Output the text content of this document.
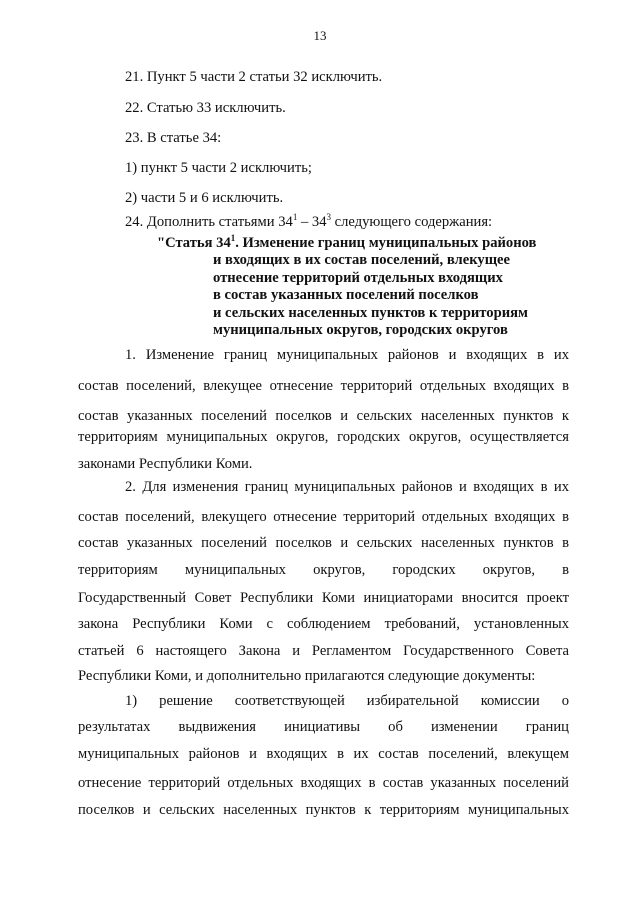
13
21. Пункт 5 части 2 статьи 32 исключить.
22. Статью 33 исключить.
23. В статье 34:
1) пункт 5 части 2 исключить;
2) части 5 и 6 исключить.
24. Дополнить статьями $34^1 - 34^3$ следующего содержания:
"Статья $34^1$. Изменение границ муниципальных районов
и входящих в их состав поселений, влекущее
отнесение территорий отдельных входящих
в состав указанных поселений поселков
и сельских населенных пунктов к территориям
муниципальных округов, городских округов
1. Изменение границ муниципальных районов и входящих в их
состав поселений, влекущее отнесение территорий отдельных входящих в
состав указанных поселений поселков и сельских населенных пунктов к
территориям муниципальных округов, городских округов, осуществляется
законами Республики Коми.
2. Для изменения границ муниципальных районов и входящих в их
состав поселений, влекущего отнесение территорий отдельных входящих в
состав указанных поселений поселков и сельских населенных пунктов в
территориям муниципальных округов, городских округов, в
Государственный Совет Республики Коми инициаторами вносится проект
закона Республики Коми с соблюдением требований, установленных
статьей 6 настоящего Закона и Регламентом Государственного Совета
Республики Коми, и дополнительно прилагаются следующие документы:
1) решение соответствующей избирательной комиссии о
результатах выдвижения инициативы об изменении границ
муниципальных районов и входящих в их состав поселений, влекущем
отнесение территорий отдельных входящих в состав указанных поселений
поселков и сельских населенных пунктов к территориям муниципальных
